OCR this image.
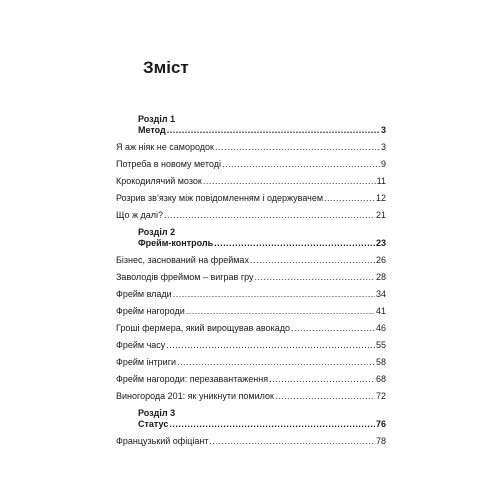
Зміст
Розділ 1
Метод .....	3
Я аж ніяк не самородок .....	3
Потреба в новому методі .....	9
Крокодилячий мозок .....	11
Розрив зв’язку між повідомленням і одержувачем .....	12
Що ж далі? .....	21
Розділ 2
Фрейм-контроль .....	23
Бізнес, заснований на фреймах .....	26
Заволодів фреймом – виграв гру .....	28
Фрейм влади .....	34
Фрейм нагороди .....	41
Гроші фермера, який вирощував авокадо .....	46
Фрейм часу .....	55
Фрейм інтриги .....	58
Фрейм нагороди: перезавантаження .....	68
Виногорода 201: як уникнути помилок .....	72
Розділ 3
Статус .....	76
Французький офіціант .....	78
